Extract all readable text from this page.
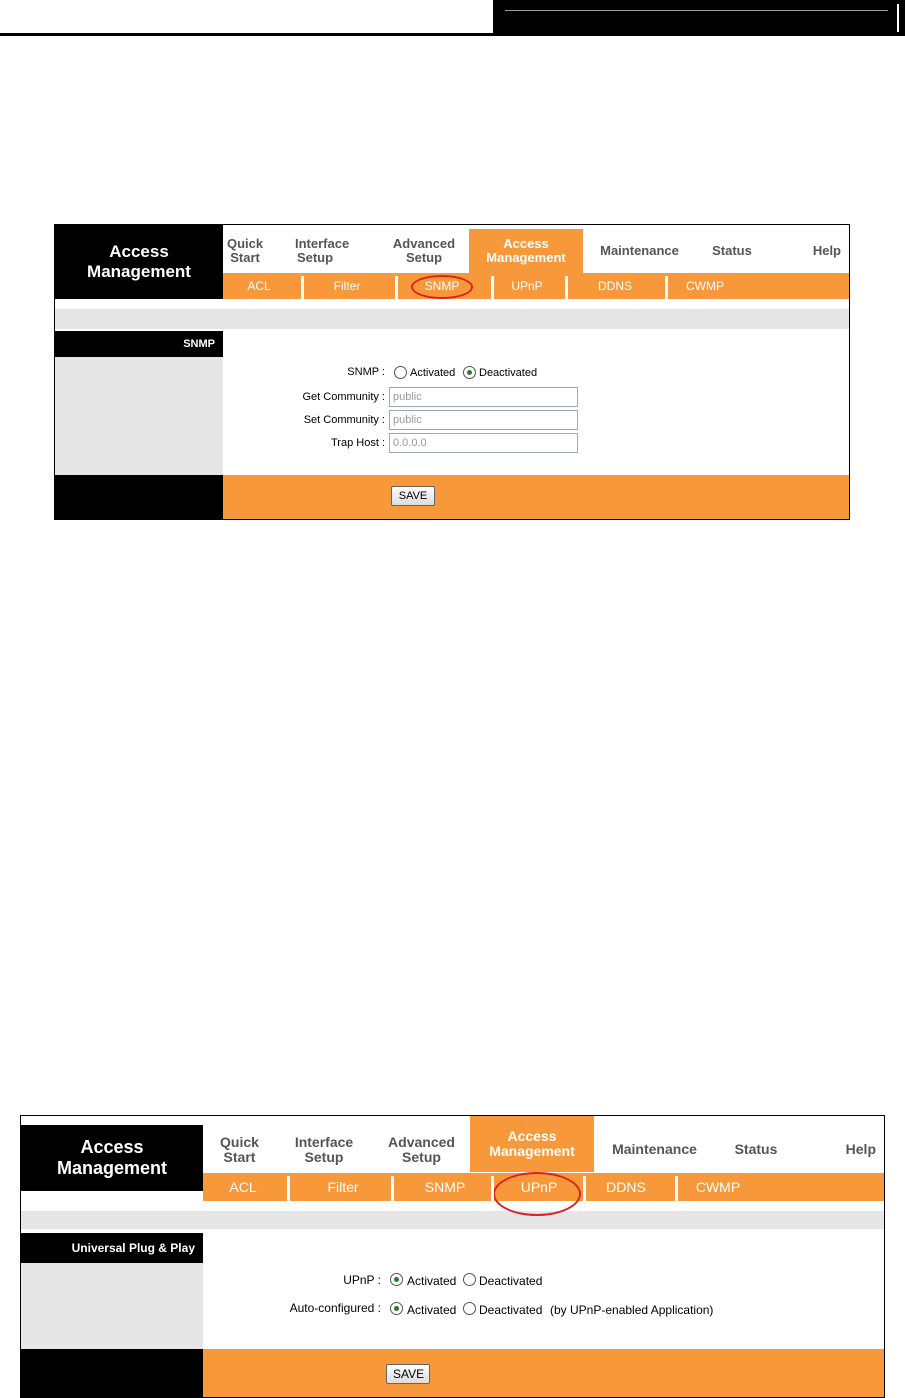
Access
Management
SNMP
SNMP : Activated Deactivated
Get Community :
public
Set Community :
public
Trap Host :
0.0.0.0
SAVE
Quick
Start
Interface
Setup
Advanced
Setup
Access
Management	Maintenance	Status	Help
ACL	Filter	SNMP	UPnP	DDNS	CWMP
Access
Management
Universal Plug & Play
UPnP : Activated Deactivated
Auto-configured : Activated Deactivated (by UPnP-enabled Application)
SAVE
Quick
Start
Interface
Setup
Advanced
Setup
Access
Management	Maintenance	Status	Help
ACL	Filter	SNMP	UPnP	DDNS	CWMP
